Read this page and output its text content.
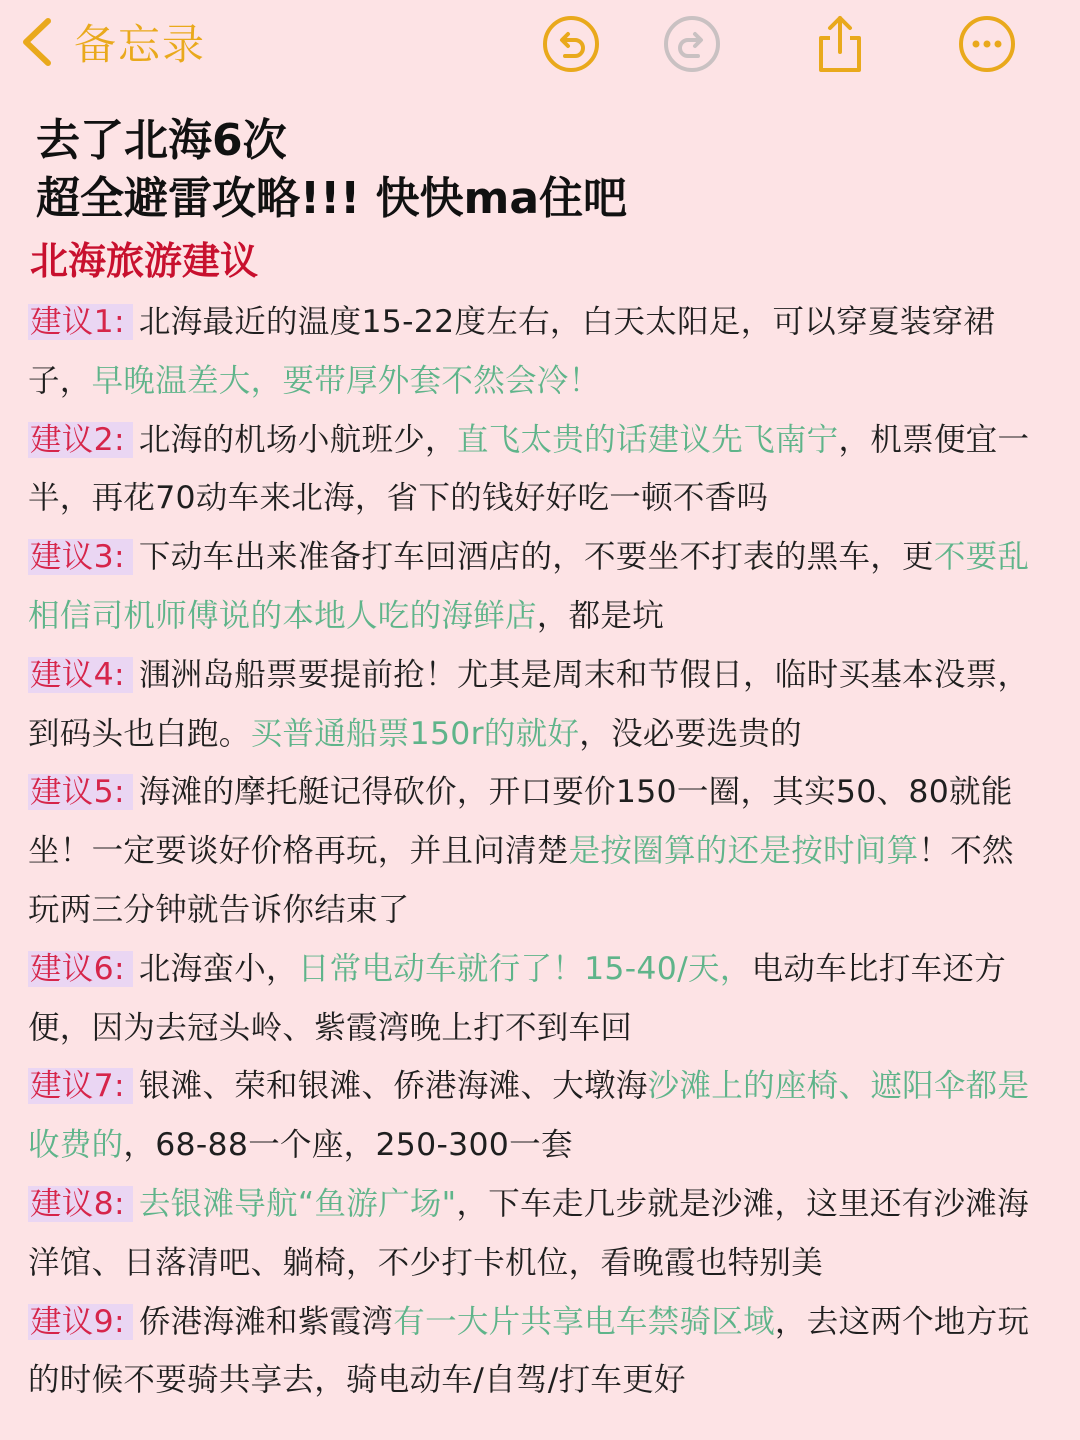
备忘录
去了北海6次
超全避雷攻略!!! 快快ma住吧
北海旅游建议

建议1: 北海最近的温度15-22度左右，白天太阳足，可以穿夏装穿裙子，早晚温差大，要带厚外套不然会冷！

建议2: 北海的机场小航班少，直飞太贵的话建议先飞南宁，机票便宜一半，再花70动车来北海，省下的钱好好吃一顿不香吗

建议3: 下动车出来准备打车回酒店的，不要坐不打表的黑车，更不要乱相信司机师傅说的本地人吃的海鲜店，都是坑

建议4: 涠洲岛船票要提前抢！尤其是周末和节假日，临时买基本没票，到码头也白跑。买普通船票150r的就好，没必要选贵的

建议5: 海滩的摩托艇记得砍价，开口要价150一圈，其实50、80就能坐！一定要谈好价格再玩，并且问清楚是按圈算的还是按时间算！不然玩两三分钟就告诉你结束了

建议6: 北海蛮小，日常电动车就行了！15-40/天，电动车比打车还方便，因为去冠头岭、紫霞湾晚上打不到车回

建议7: 银滩、荣和银滩、侨港海滩、大墩海沙滩上的座椅、遮阳伞都是收费的，68-88一个座，250-300一套

建议8: 去银滩导航“鱼游广场"，下车走几步就是沙滩，这里还有沙滩海洋馆、日落清吧、躺椅，不少打卡机位，看晚霞也特别美

建议9: 侨港海滩和紫霞湾有一大片共享电车禁骑区域，去这两个地方玩的时候不要骑共享去，骑电动车/自驾/打车更好
